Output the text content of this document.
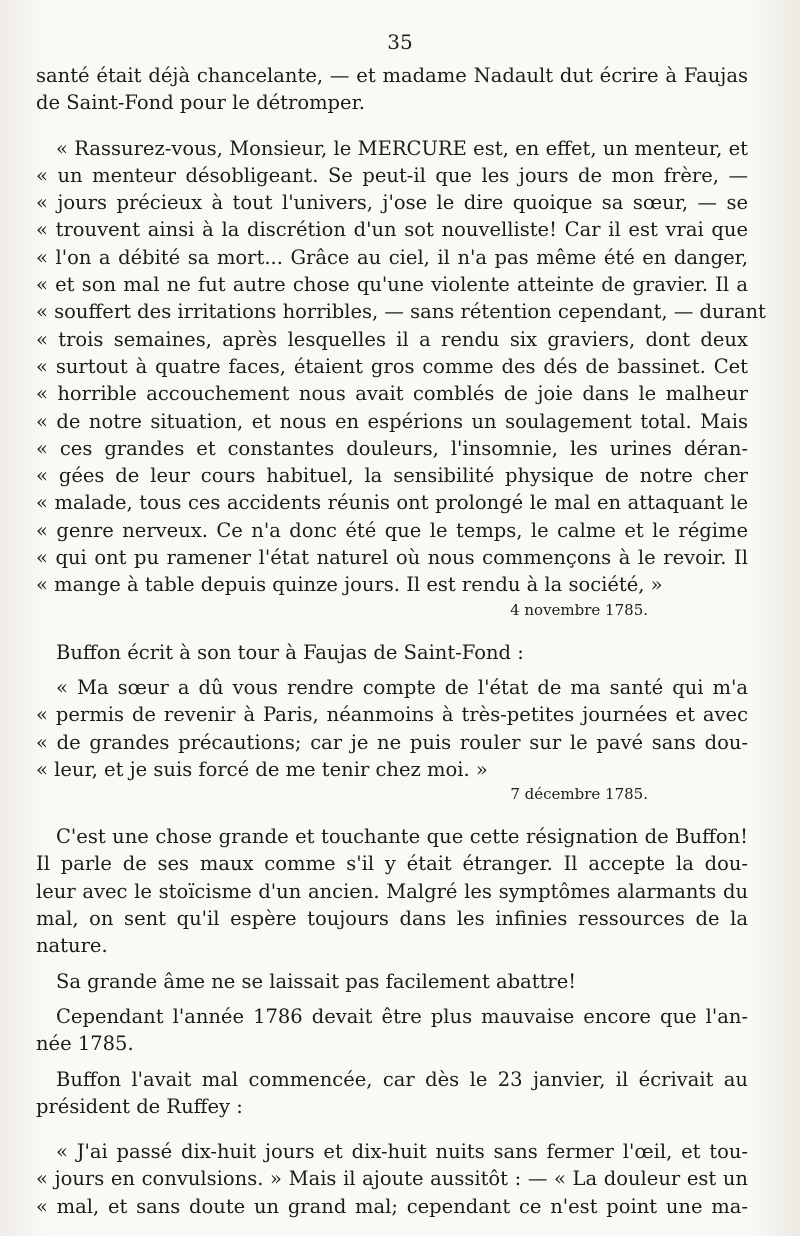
35
santé était déjà chancelante, — et madame Nadault dut écrire à Faujas
de Saint-Fond pour le détromper.
« Rassurez-vous, Monsieur, le MERCURE est, en effet, un menteur, et
« un menteur désobligeant. Se peut-il que les jours de mon frère, —
« jours précieux à tout l'univers, j'ose le dire quoique sa sœur, — se
« trouvent ainsi à la discrétion d'un sot nouvelliste! Car il est vrai que
« l'on a débité sa mort... Grâce au ciel, il n'a pas même été en danger,
« et son mal ne fut autre chose qu'une violente atteinte de gravier. Il a
« souffert des irritations horribles, — sans rétention cependant, — durant
« trois semaines, après lesquelles il a rendu six graviers, dont deux
« surtout à quatre faces, étaient gros comme des dés de bassinet. Cet
« horrible accouchement nous avait comblés de joie dans le malheur
« de notre situation, et nous en espérions un soulagement total. Mais
« ces grandes et constantes douleurs, l'insomnie, les urines déran-
« gées de leur cours habituel, la sensibilité physique de notre cher
« malade, tous ces accidents réunis ont prolongé le mal en attaquant le
« genre nerveux. Ce n'a donc été que le temps, le calme et le régime
« qui ont pu ramener l'état naturel où nous commençons à le revoir. Il
« mange à table depuis quinze jours. Il est rendu à la société, »
4 novembre 1785.
Buffon écrit à son tour à Faujas de Saint-Fond :
« Ma sœur a dû vous rendre compte de l'état de ma santé qui m'a
« permis de revenir à Paris, néanmoins à très-petites journées et avec
« de grandes précautions; car je ne puis rouler sur le pavé sans dou-
« leur, et je suis forcé de me tenir chez moi. »
7 décembre 1785.
C'est une chose grande et touchante que cette résignation de Buffon!
Il parle de ses maux comme s'il y était étranger. Il accepte la dou-
leur avec le stoïcisme d'un ancien. Malgré les symptômes alarmants du
mal, on sent qu'il espère toujours dans les infinies ressources de la
nature.
Sa grande âme ne se laissait pas facilement abattre!
Cependant l'année 1786 devait être plus mauvaise encore que l'an-
née 1785.
Buffon l'avait mal commencée, car dès le 23 janvier, il écrivait au
président de Ruffey :
« J'ai passé dix-huit jours et dix-huit nuits sans fermer l'œil, et tou-
« jours en convulsions. » Mais il ajoute aussitôt : — « La douleur est un
« mal, et sans doute un grand mal; cependant ce n'est point une ma-
